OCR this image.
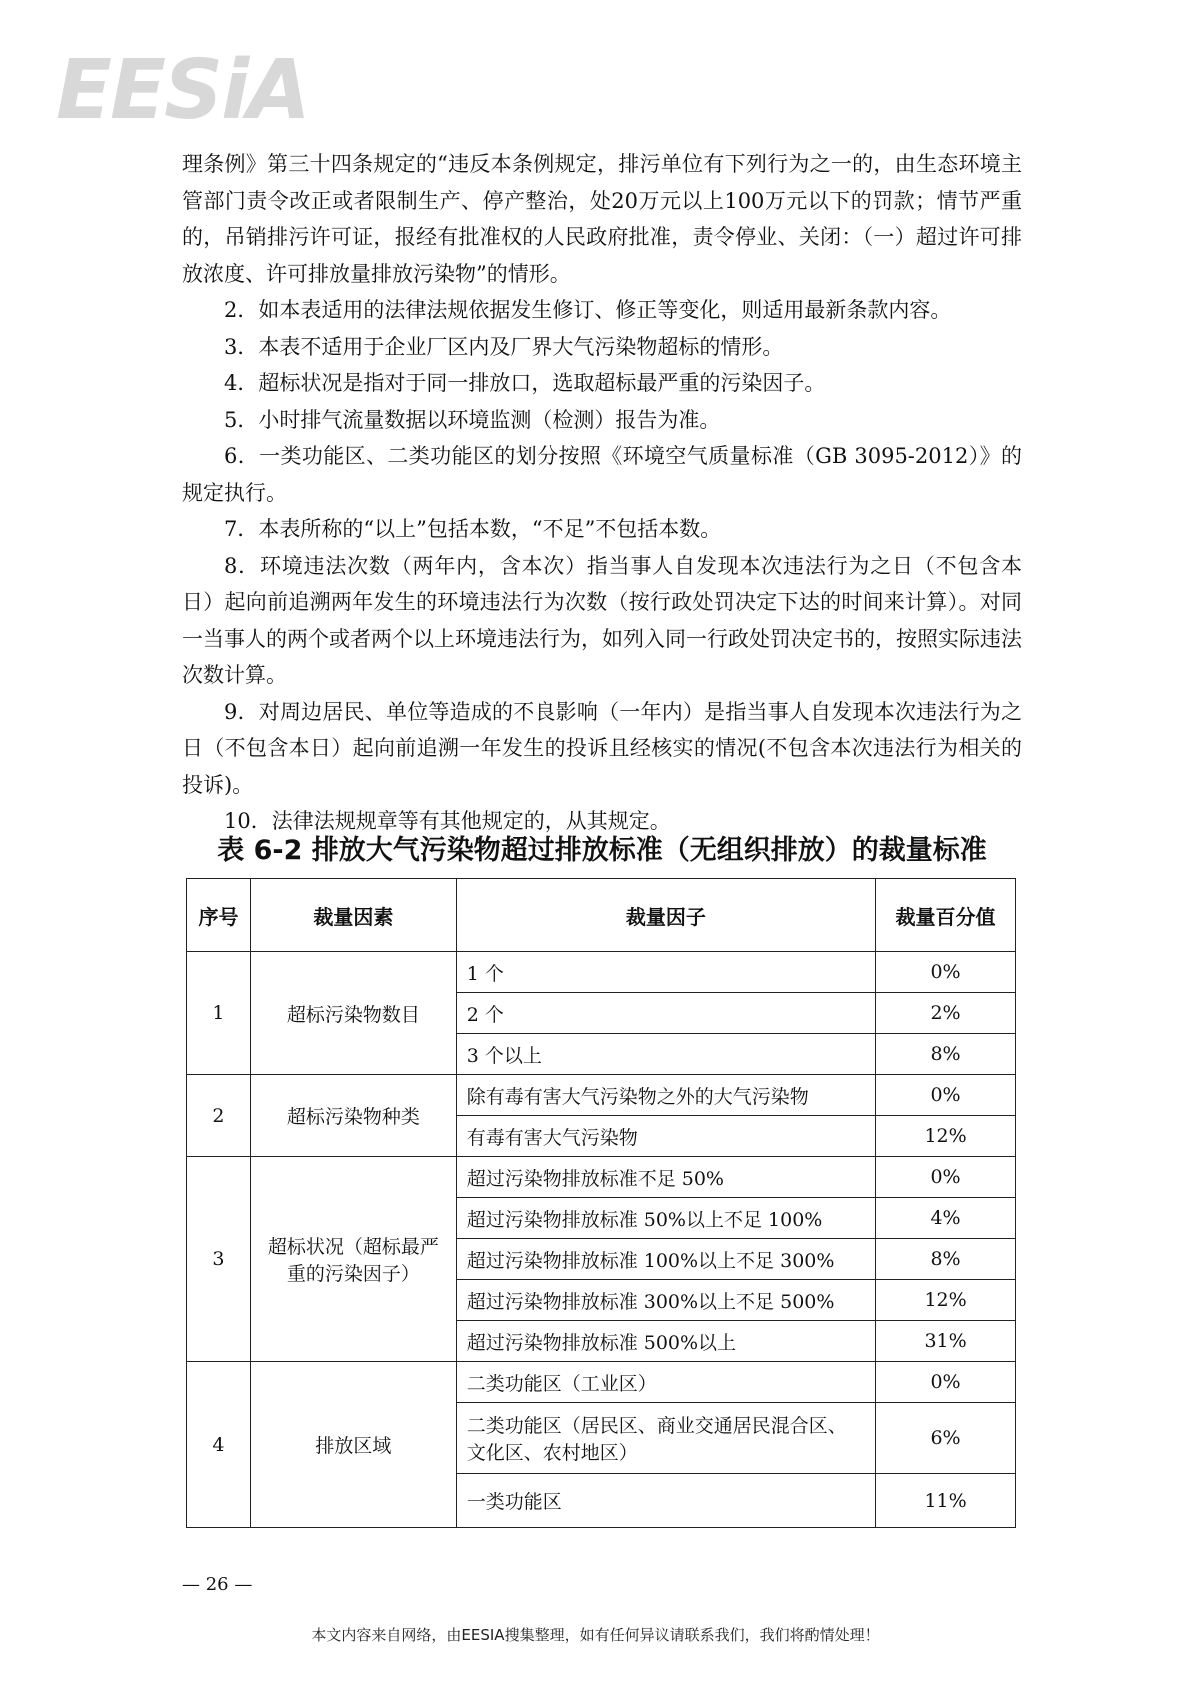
EESiA

理条例》第三十四条规定的“违反本条例规定，排污单位有下列行为之一的，由生态环境主管部门责令改正或者限制生产、停产整治，处20万元以上100万元以下的罚款；情节严重的，吊销排污许可证，报经有批准权的人民政府批准，责令停业、关闭：（一）超过许可排放浓度、许可排放量排放污染物”的情形。

2．如本表适用的法律法规依据发生修订、修正等变化，则适用最新条款内容。

3．本表不适用于企业厂区内及厂界大气污染物超标的情形。

4．超标状况是指对于同一排放口，选取超标最严重的污染因子。

5．小时排气流量数据以环境监测（检测）报告为准。

6．一类功能区、二类功能区的划分按照《环境空气质量标准（GB 3095-2012）》的规定执行。

7．本表所称的“以上”包括本数，“不足”不包括本数。

8．环境违法次数（两年内，含本次）指当事人自发现本次违法行为之日（不包含本日）起向前追溯两年发生的环境违法行为次数（按行政处罚决定下达的时间来计算）。对同一当事人的两个或者两个以上环境违法行为，如列入同一行政处罚决定书的，按照实际违法次数计算。

9．对周边居民、单位等造成的不良影响（一年内）是指当事人自发现本次违法行为之日（不包含本日）起向前追溯一年发生的投诉且经核实的情况(不包含本次违法行为相关的投诉)。

10．法律法规规章等有其他规定的，从其规定。

表 6-2 排放大气污染物超过排放标准（无组织排放）的裁量标准
序号	裁量因素	裁量因子	裁量百分值
1	超标污染物数目	1 个	0%
		2 个	2%
		3 个以上	8%
2	超标污染物种类	除有毒有害大气污染物之外的大气污染物	0%
		有毒有害大气污染物	12%
3	超标状况（超标最严重的污染因子）	超过污染物排放标准不足 50%	0%
		超过污染物排放标准 50%以上不足 100%	4%
		超过污染物排放标准 100%以上不足 300%	8%
		超过污染物排放标准 300%以上不足 500%	12%
		超过污染物排放标准 500%以上	31%
4	排放区域	二类功能区（工业区）	0%
		二类功能区（居民区、商业交通居民混合区、文化区、农村地区）	6%
		一类功能区	11%
— 26 —
本文内容来自网络，由EESIA搜集整理，如有任何异议请联系我们，我们将酌情处理！
